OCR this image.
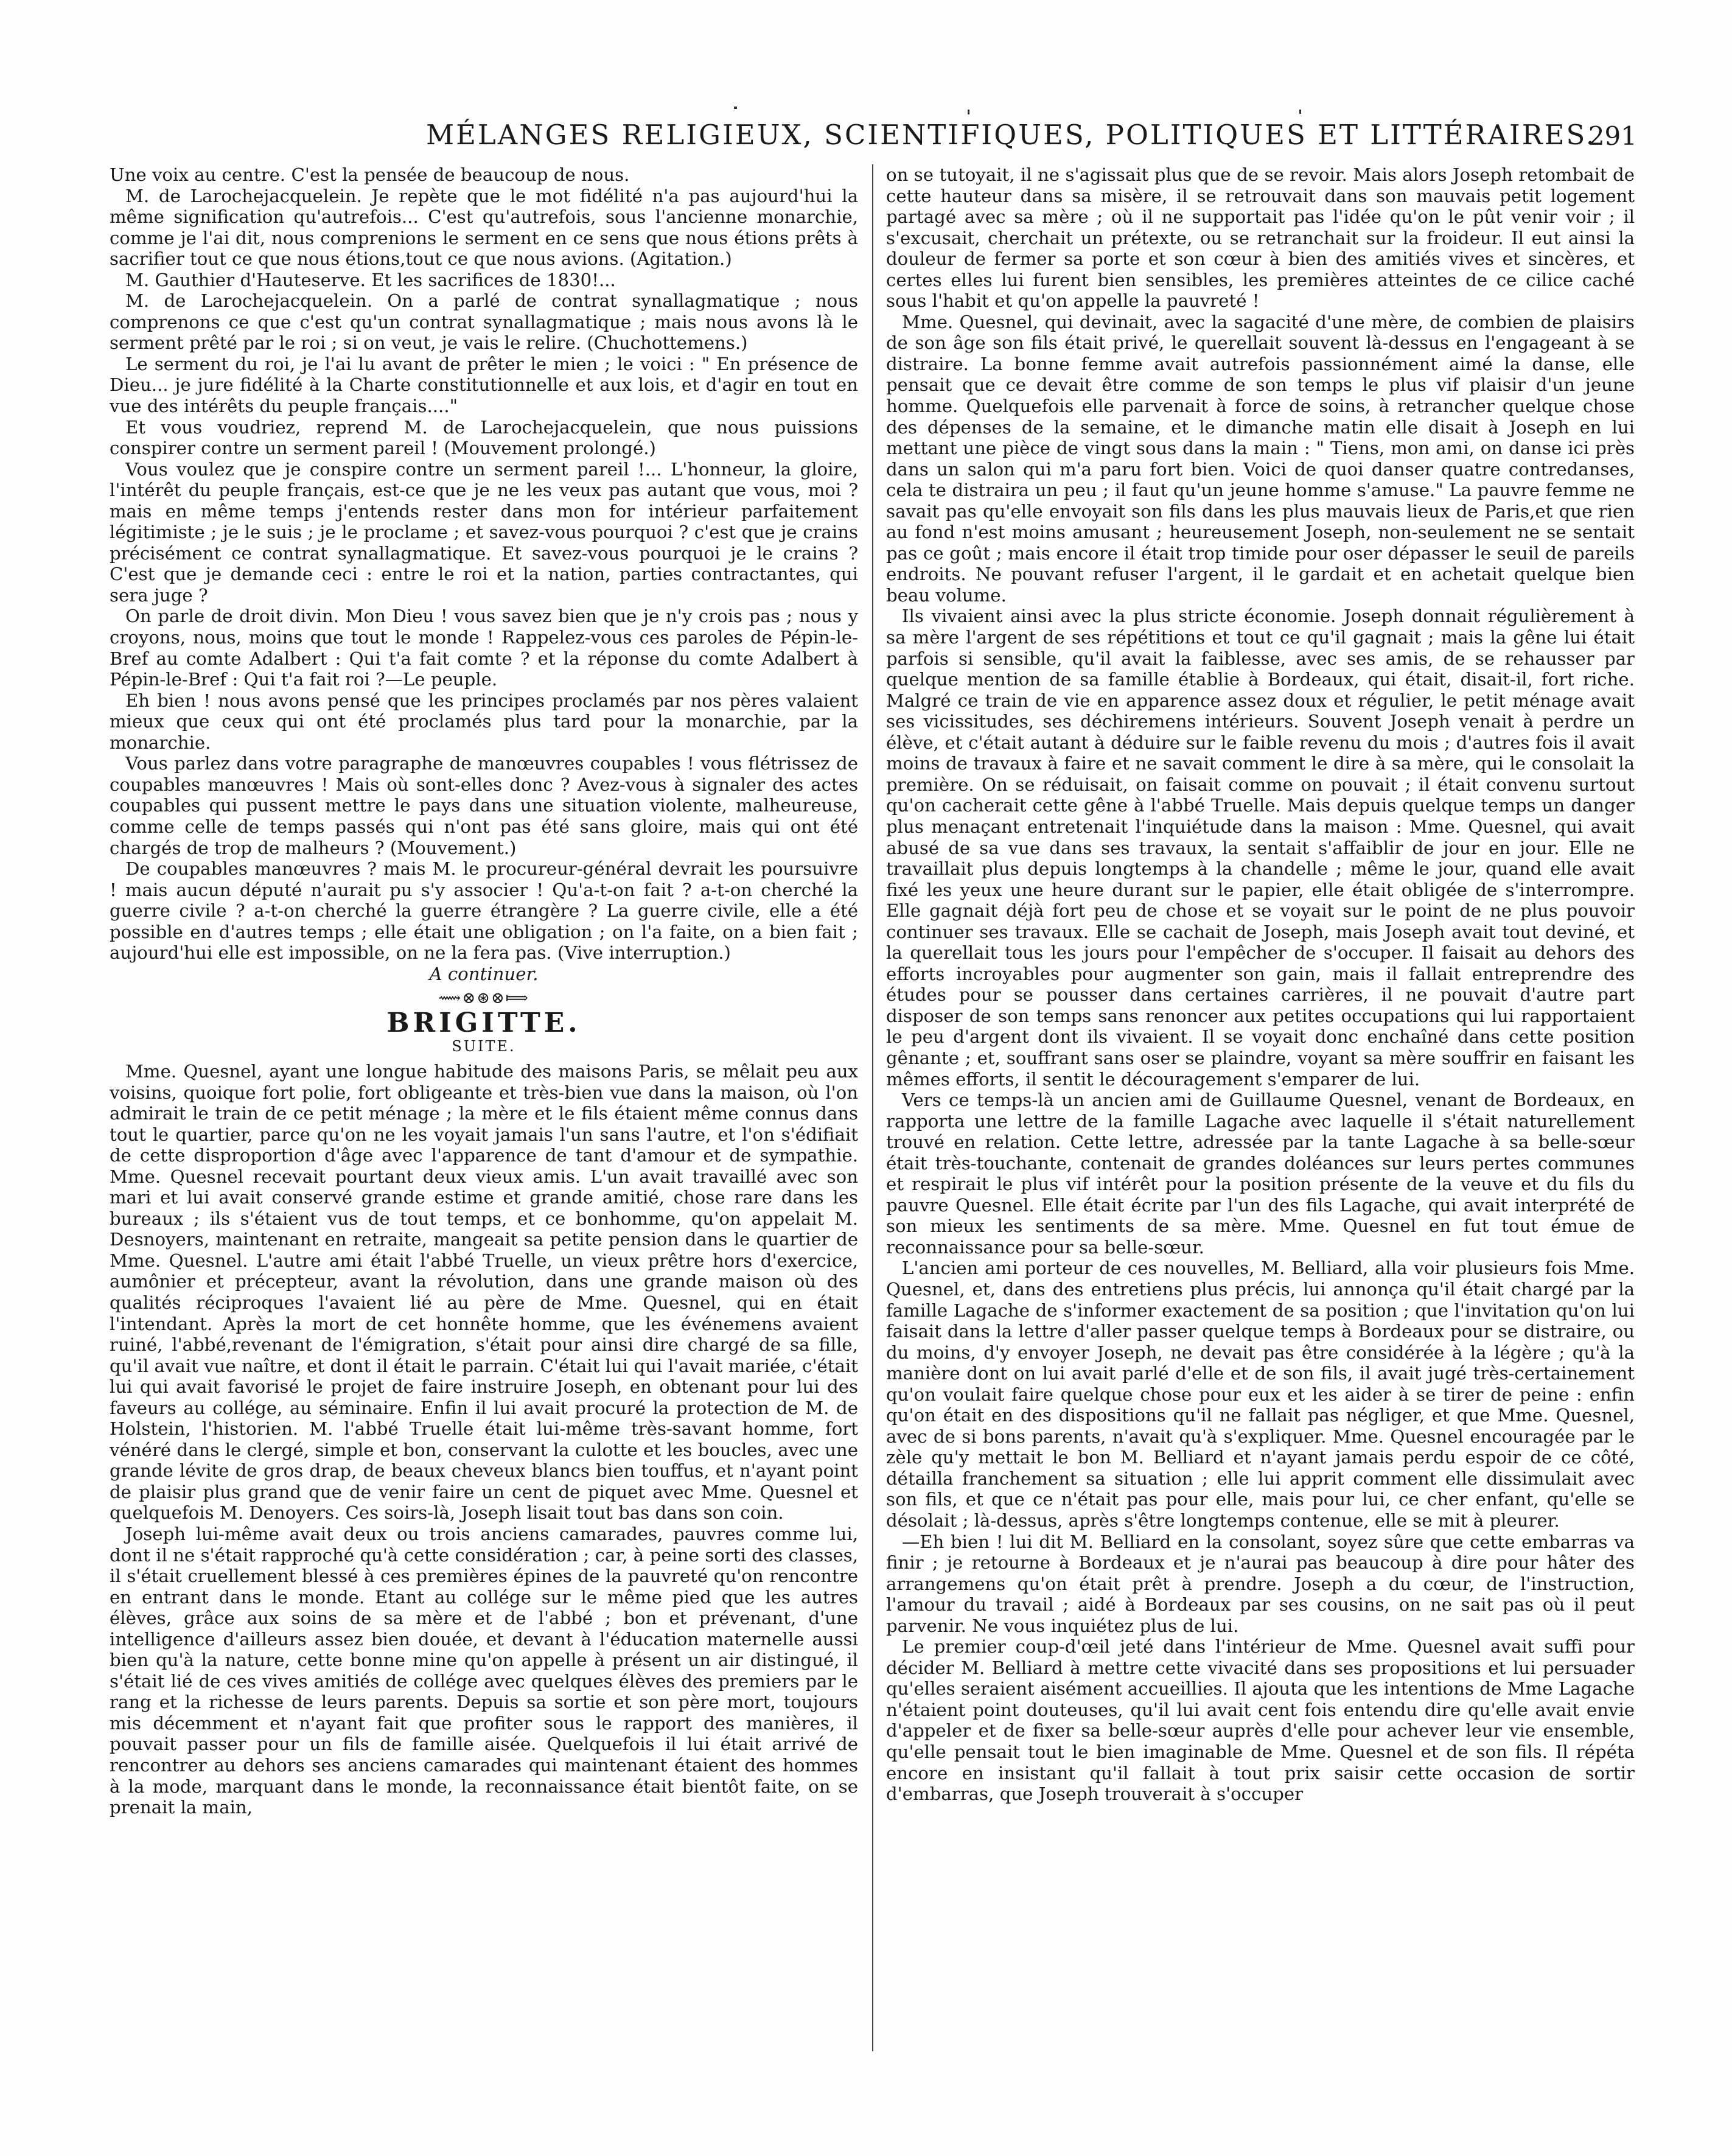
MÉLANGES RELIGIEUX, SCIENTIFIQUES, POLITIQUES ET LITTÉRAIRES.
291

Une voix au centre. C'est la pensée de beaucoup de nous.

M. de Larochejacquelein. Je repète que le mot fidélité n'a pas aujourd'hui la même signification qu'autrefois... C'est qu'autrefois, sous l'ancienne monarchie, comme je l'ai dit, nous comprenions le serment en ce sens que nous étions prêts à sacrifier tout ce que nous étions,tout ce que nous avions. (Agitation.)

M. Gauthier d'Hauteserve. Et les sacrifices de 1830!...

M. de Larochejacquelein. On a parlé de contrat synallagmatique ; nous comprenons ce que c'est qu'un contrat synallagmatique ; mais nous avons là le serment prêté par le roi ; si on veut, je vais le relire. (Chuchottemens.)

Le serment du roi, je l'ai lu avant de prêter le mien ; le voici : " En présence de Dieu... je jure fidélité à la Charte constitutionnelle et aux lois, et d'agir en tout en vue des intérêts du peuple français...."

Et vous voudriez, reprend M. de Larochejacquelein, que nous puissions conspirer contre un serment pareil ! (Mouvement prolongé.)

Vous voulez que je conspire contre un serment pareil !... L'honneur, la gloire, l'intérêt du peuple français, est-ce que je ne les veux pas autant que vous, moi ? mais en même temps j'entends rester dans mon for intérieur parfaitement légitimiste ; je le suis ; je le proclame ; et savez-vous pourquoi ? c'est que je crains précisément ce contrat synallagmatique. Et savez-vous pourquoi je le crains ? C'est que je demande ceci : entre le roi et la nation, parties contractantes, qui sera juge ?

On parle de droit divin. Mon Dieu ! vous savez bien que je n'y crois pas ; nous y croyons, nous, moins que tout le monde ! Rappelez-vous ces paroles de Pépin-le-Bref au comte Adalbert : Qui t'a fait comte ? et la réponse du comte Adalbert à Pépin-le-Bref : Qui t'a fait roi ?—Le peuple.

Eh bien ! nous avons pensé que les principes proclamés par nos pères valaient mieux que ceux qui ont été proclamés plus tard pour la monarchie, par la monarchie.

Vous parlez dans votre paragraphe de manœuvres coupables ! vous flétrissez de coupables manœuvres ! Mais où sont-elles donc ? Avez-vous à signaler des actes coupables qui pussent mettre le pays dans une situation violente, malheureuse, comme celle de temps passés qui n'ont pas été sans gloire, mais qui ont été chargés de trop de malheurs ? (Mouvement.)

De coupables manœuvres ? mais M. le procureur-général devrait les poursuivre ! mais aucun député n'aurait pu s'y associer ! Qu'a-t-on fait ? a-t-on cherché la guerre civile ? a-t-on cherché la guerre étrangère ? La guerre civile, elle a été possible en d'autres temps ; elle était une obligation ; on l'a faite, on a bien fait ; aujourd'hui elle est impossible, on ne la fera pas. (Vive interruption.)

A continuer.

⟿⊗⊛⊗⟾
BRIGITTE.
SUITE.

Mme. Quesnel, ayant une longue habitude des maisons Paris, se mêlait peu aux voisins, quoique fort polie, fort obligeante et très-bien vue dans la maison, où l'on admirait le train de ce petit ménage ; la mère et le fils étaient même connus dans tout le quartier, parce qu'on ne les voyait jamais l'un sans l'autre, et l'on s'édifiait de cette disproportion d'âge avec l'apparence de tant d'amour et de sympathie. Mme. Quesnel recevait pourtant deux vieux amis. L'un avait travaillé avec son mari et lui avait conservé grande estime et grande amitié, chose rare dans les bureaux ; ils s'étaient vus de tout temps, et ce bonhomme, qu'on appelait M. Desnoyers, maintenant en retraite, mangeait sa petite pension dans le quartier de Mme. Quesnel. L'autre ami était l'abbé Truelle, un vieux prêtre hors d'exercice, aumônier et précepteur, avant la révolution, dans une grande maison où des qualités réciproques l'avaient lié au père de Mme. Quesnel, qui en était l'intendant. Après la mort de cet honnête homme, que les événemens avaient ruiné, l'abbé,revenant de l'émigration, s'était pour ainsi dire chargé de sa fille, qu'il avait vue naître, et dont il était le parrain. C'était lui qui l'avait mariée, c'était lui qui avait favorisé le projet de faire instruire Joseph, en obtenant pour lui des faveurs au collége, au séminaire. Enfin il lui avait procuré la protection de M. de Holstein, l'historien. M. l'abbé Truelle était lui-même très-savant homme, fort vénéré dans le clergé, simple et bon, conservant la culotte et les boucles, avec une grande lévite de gros drap, de beaux cheveux blancs bien touffus, et n'ayant point de plaisir plus grand que de venir faire un cent de piquet avec Mme. Quesnel et quelquefois M. Denoyers. Ces soirs-là, Joseph lisait tout bas dans son coin.

Joseph lui-même avait deux ou trois anciens camarades, pauvres comme lui, dont il ne s'était rapproché qu'à cette considération ; car, à peine sorti des classes, il s'était cruellement blessé à ces premières épines de la pauvreté qu'on rencontre en entrant dans le monde. Etant au collége sur le même pied que les autres élèves, grâce aux soins de sa mère et de l'abbé ; bon et prévenant, d'une intelligence d'ailleurs assez bien douée, et devant à l'éducation maternelle aussi bien qu'à la nature, cette bonne mine qu'on appelle à présent un air distingué, il s'était lié de ces vives amitiés de collége avec quelques élèves des premiers par le rang et la richesse de leurs parents. Depuis sa sortie et son père mort, toujours mis décemment et n'ayant fait que profiter sous le rapport des manières, il pouvait passer pour un fils de famille aisée. Quelquefois il lui était arrivé de rencontrer au dehors ses anciens camarades qui maintenant étaient des hommes à la mode, marquant dans le monde, la reconnaissance était bientôt faite, on se prenait la main,

on se tutoyait, il ne s'agissait plus que de se revoir. Mais alors Joseph retombait de cette hauteur dans sa misère, il se retrouvait dans son mauvais petit logement partagé avec sa mère ; où il ne supportait pas l'idée qu'on le pût venir voir ; il s'excusait, cherchait un prétexte, ou se retranchait sur la froideur. Il eut ainsi la douleur de fermer sa porte et son cœur à bien des amitiés vives et sincères, et certes elles lui furent bien sensibles, les premières atteintes de ce cilice caché sous l'habit et qu'on appelle la pauvreté !

Mme. Quesnel, qui devinait, avec la sagacité d'une mère, de combien de plaisirs de son âge son fils était privé, le querellait souvent là-dessus en l'engageant à se distraire. La bonne femme avait autrefois passionnément aimé la danse, elle pensait que ce devait être comme de son temps le plus vif plaisir d'un jeune homme. Quelquefois elle parvenait à force de soins, à retrancher quelque chose des dépenses de la semaine, et le dimanche matin elle disait à Joseph en lui mettant une pièce de vingt sous dans la main : " Tiens, mon ami, on danse ici près dans un salon qui m'a paru fort bien. Voici de quoi danser quatre contredanses, cela te distraira un peu ; il faut qu'un jeune homme s'amuse." La pauvre femme ne savait pas qu'elle envoyait son fils dans les plus mauvais lieux de Paris,et que rien au fond n'est moins amusant ; heureusement Joseph, non-seulement ne se sentait pas ce goût ; mais encore il était trop timide pour oser dépasser le seuil de pareils endroits. Ne pouvant refuser l'argent, il le gardait et en achetait quelque bien beau volume.

Ils vivaient ainsi avec la plus stricte économie. Joseph donnait régulièrement à sa mère l'argent de ses répétitions et tout ce qu'il gagnait ; mais la gêne lui était parfois si sensible, qu'il avait la faiblesse, avec ses amis, de se rehausser par quelque mention de sa famille établie à Bordeaux, qui était, disait-il, fort riche. Malgré ce train de vie en apparence assez doux et régulier, le petit ménage avait ses vicissitudes, ses déchiremens intérieurs. Souvent Joseph venait à perdre un élève, et c'était autant à déduire sur le faible revenu du mois ; d'autres fois il avait moins de travaux à faire et ne savait comment le dire à sa mère, qui le consolait la première. On se réduisait, on faisait comme on pouvait ; il était convenu surtout qu'on cacherait cette gêne à l'abbé Truelle. Mais depuis quelque temps un danger plus menaçant entretenait l'inquiétude dans la maison : Mme. Quesnel, qui avait abusé de sa vue dans ses travaux, la sentait s'affaiblir de jour en jour. Elle ne travaillait plus depuis longtemps à la chandelle ; même le jour, quand elle avait fixé les yeux une heure durant sur le papier, elle était obligée de s'interrompre. Elle gagnait déjà fort peu de chose et se voyait sur le point de ne plus pouvoir continuer ses travaux. Elle se cachait de Joseph, mais Joseph avait tout deviné, et la querellait tous les jours pour l'empêcher de s'occuper. Il faisait au dehors des efforts incroyables pour augmenter son gain, mais il fallait entreprendre des études pour se pousser dans certaines carrières, il ne pouvait d'autre part disposer de son temps sans renoncer aux petites occupations qui lui rapportaient le peu d'argent dont ils vivaient. Il se voyait donc enchaîné dans cette position gênante ; et, souffrant sans oser se plaindre, voyant sa mère souffrir en faisant les mêmes efforts, il sentit le découragement s'emparer de lui.

Vers ce temps-là un ancien ami de Guillaume Quesnel, venant de Bordeaux, en rapporta une lettre de la famille Lagache avec laquelle il s'était naturellement trouvé en relation. Cette lettre, adressée par la tante Lagache à sa belle-sœur était très-touchante, contenait de grandes doléances sur leurs pertes communes et respirait le plus vif intérêt pour la position présente de la veuve et du fils du pauvre Quesnel. Elle était écrite par l'un des fils Lagache, qui avait interprété de son mieux les sentiments de sa mère. Mme. Quesnel en fut tout émue de reconnaissance pour sa belle-sœur.

L'ancien ami porteur de ces nouvelles, M. Belliard, alla voir plusieurs fois Mme. Quesnel, et, dans des entretiens plus précis, lui annonça qu'il était chargé par la famille Lagache de s'informer exactement de sa position ; que l'invitation qu'on lui faisait dans la lettre d'aller passer quelque temps à Bordeaux pour se distraire, ou du moins, d'y envoyer Joseph, ne devait pas être considérée à la légère ; qu'à la manière dont on lui avait parlé d'elle et de son fils, il avait jugé très-certainement qu'on voulait faire quelque chose pour eux et les aider à se tirer de peine : enfin qu'on était en des dispositions qu'il ne fallait pas négliger, et que Mme. Quesnel, avec de si bons parents, n'avait qu'à s'expliquer. Mme. Quesnel encouragée par le zèle qu'y mettait le bon M. Belliard et n'ayant jamais perdu espoir de ce côté, détailla franchement sa situation ; elle lui apprit comment elle dissimulait avec son fils, et que ce n'était pas pour elle, mais pour lui, ce cher enfant, qu'elle se désolait ; là-dessus, après s'être longtemps contenue, elle se mit à pleurer.

—Eh bien ! lui dit M. Belliard en la consolant, soyez sûre que cette embarras va finir ; je retourne à Bordeaux et je n'aurai pas beaucoup à dire pour hâter des arrangemens qu'on était prêt à prendre. Joseph a du cœur, de l'instruction, l'amour du travail ; aidé à Bordeaux par ses cousins, on ne sait pas où il peut parvenir. Ne vous inquiétez plus de lui.

Le premier coup-d'œil jeté dans l'intérieur de Mme. Quesnel avait suffi pour décider M. Belliard à mettre cette vivacité dans ses propositions et lui persuader qu'elles seraient aisément accueillies. Il ajouta que les intentions de Mme Lagache n'étaient point douteuses, qu'il lui avait cent fois entendu dire qu'elle avait envie d'appeler et de fixer sa belle-sœur auprès d'elle pour achever leur vie ensemble, qu'elle pensait tout le bien imaginable de Mme. Quesnel et de son fils. Il répéta encore en insistant qu'il fallait à tout prix saisir cette occasion de sortir d'embarras, que Joseph trouverait à s'occuper
